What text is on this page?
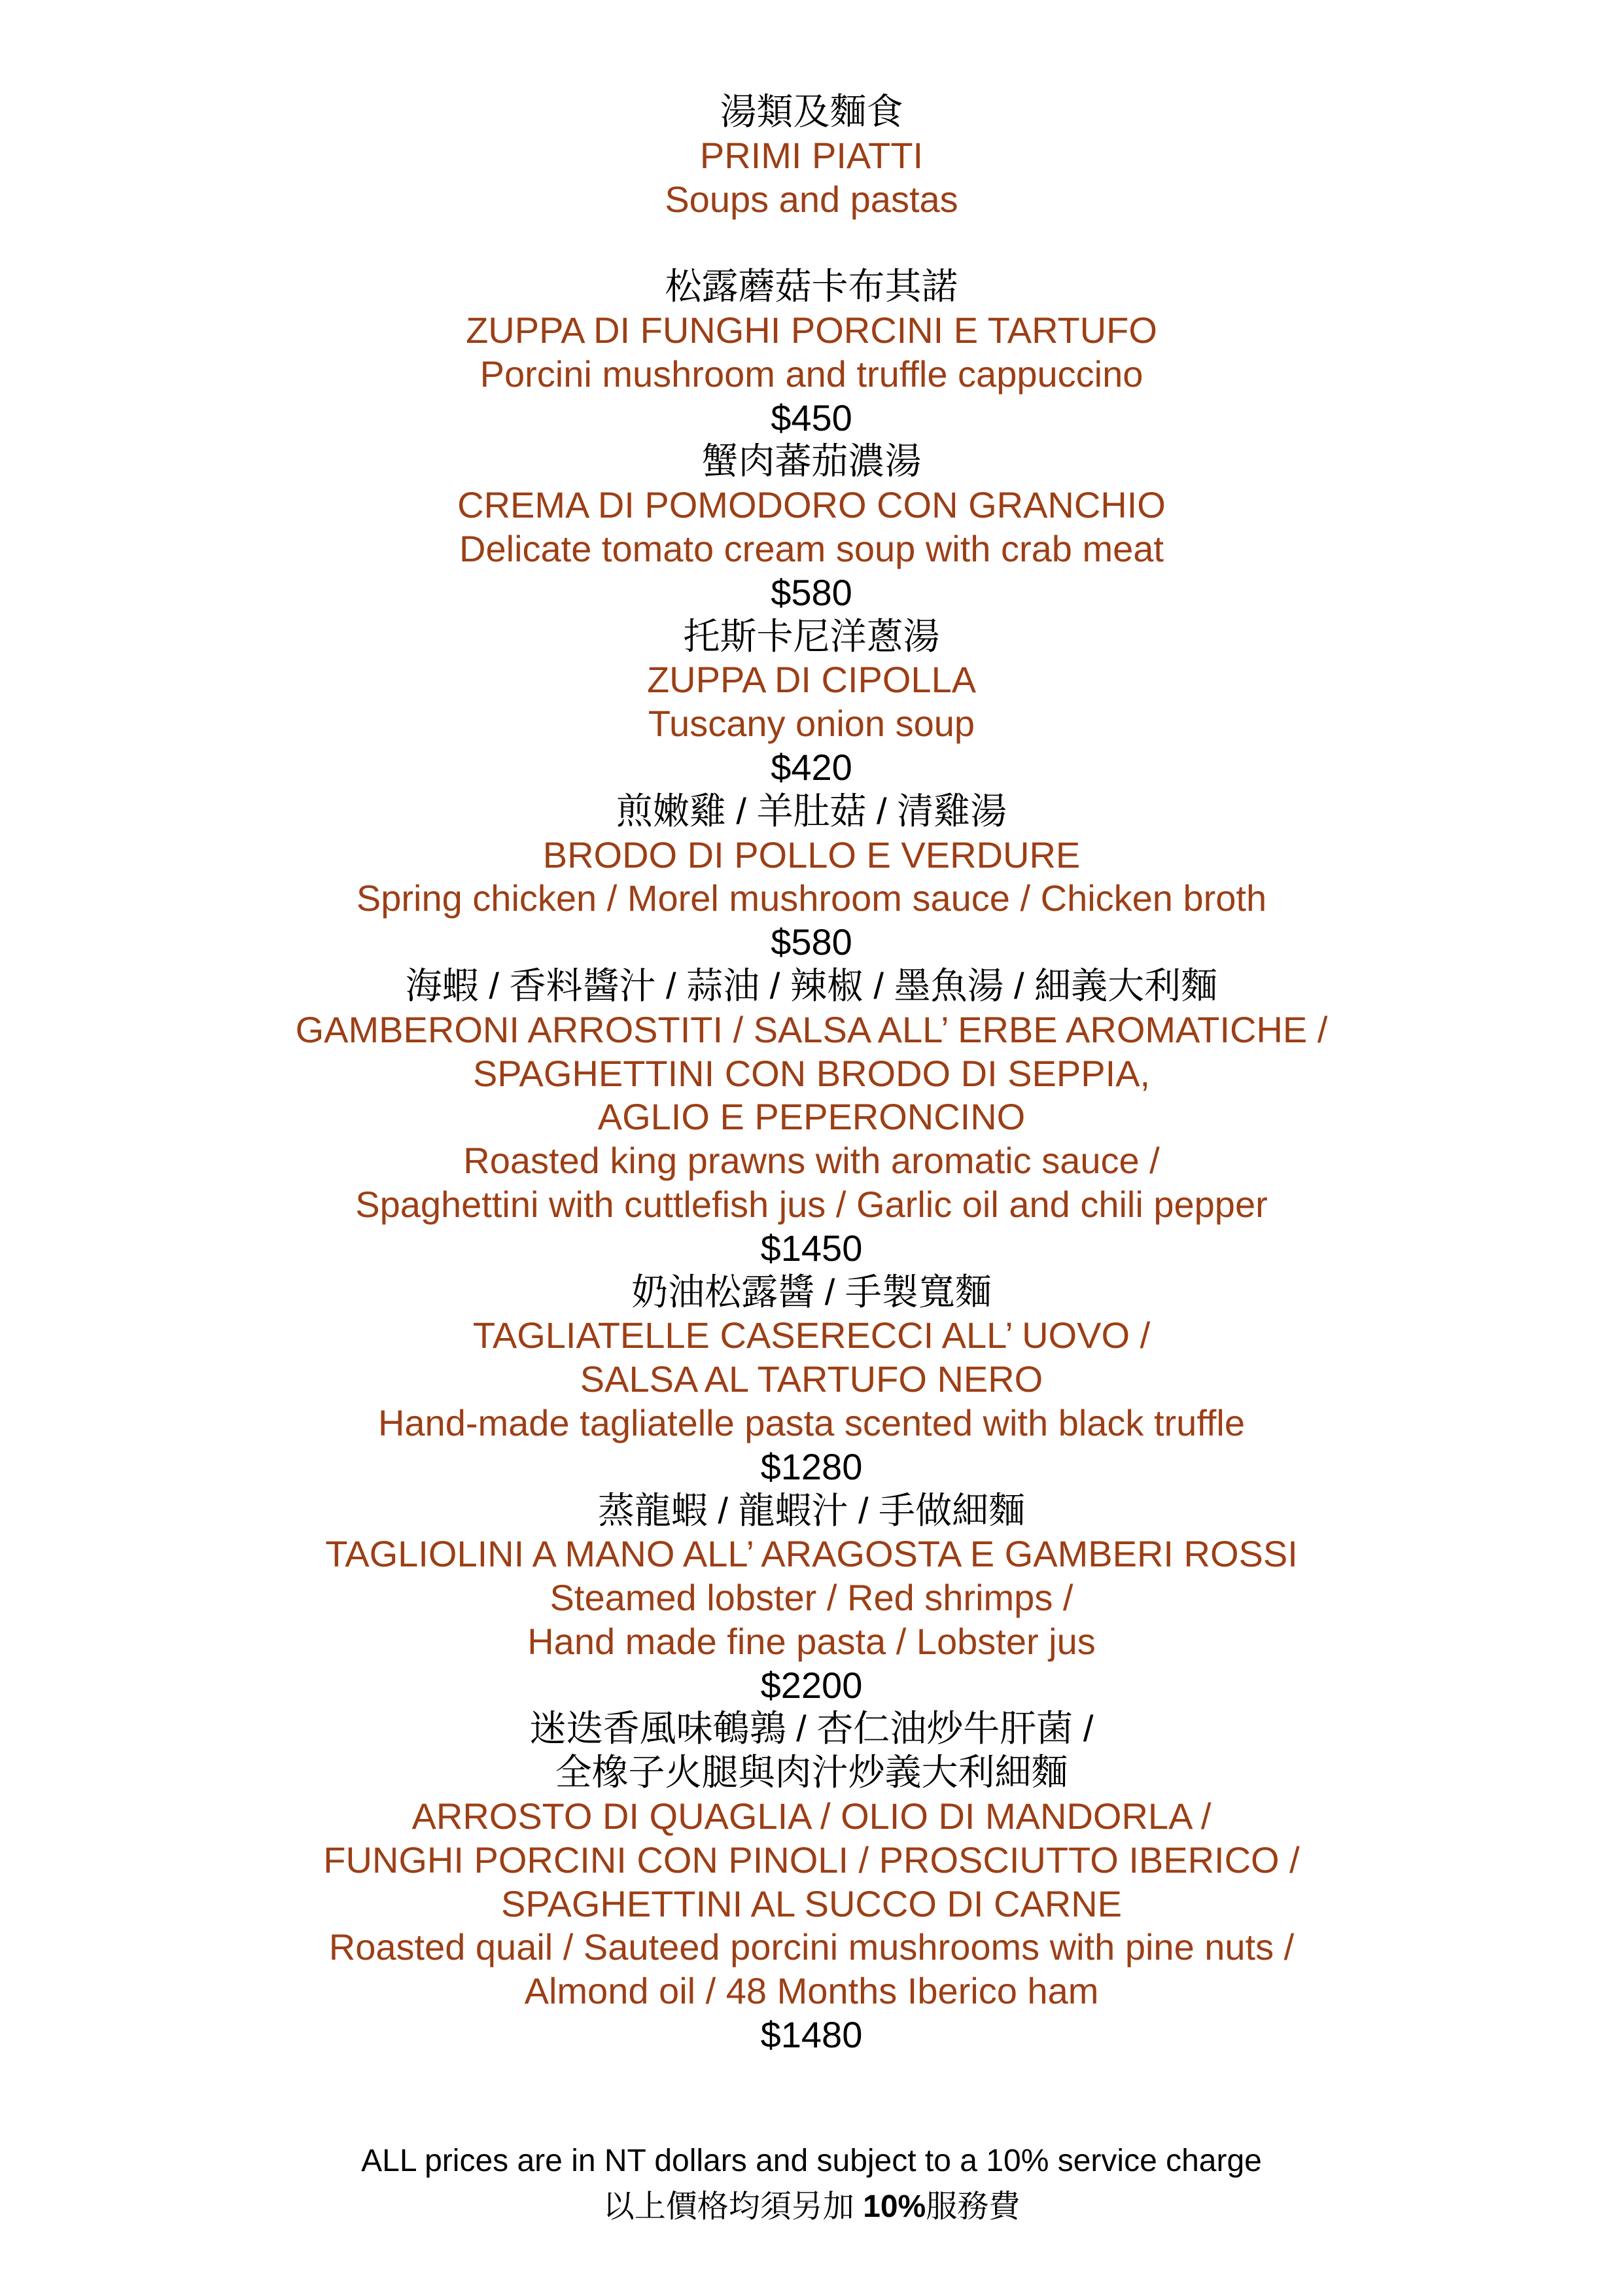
湯類及麵食
PRIMI PIATTI
Soups and pastas
松露蘑菇卡布其諾
ZUPPA DI FUNGHI PORCINI E TARTUFO
Porcini mushroom and truffle cappuccino
$450
蟹肉蕃茄濃湯
CREMA DI POMODORO CON GRANCHIO
Delicate tomato cream soup with crab meat
$580
托斯卡尼洋蔥湯
ZUPPA DI CIPOLLA
Tuscany onion soup
$420
煎嫩雞 / 羊肚菇 / 清雞湯
BRODO DI POLLO E VERDURE
Spring chicken / Morel mushroom sauce / Chicken broth
$580
海蝦 / 香料醬汁 / 蒜油 / 辣椒 / 墨魚湯 / 細義大利麵
GAMBERONI ARROSTITI / SALSA ALL’ ERBE AROMATICHE /
SPAGHETTINI CON BRODO DI SEPPIA,
AGLIO E PEPERONCINO
Roasted king prawns with aromatic sauce /
Spaghettini with cuttlefish jus / Garlic oil and chili pepper
$1450
奶油松露醬 / 手製寬麵
TAGLIATELLE CASERECCI ALL’ UOVO /
SALSA AL TARTUFO NERO
Hand-made tagliatelle pasta scented with black truffle
$1280
蒸龍蝦 / 龍蝦汁 / 手做細麵
TAGLIOLINI A MANO ALL’ ARAGOSTA E GAMBERI ROSSI
Steamed lobster / Red shrimps /
Hand made fine pasta / Lobster jus
$2200
迷迭香風味鵪鶉 / 杏仁油炒牛肝菌 /
全橡子火腿與肉汁炒義大利細麵
ARROSTO DI QUAGLIA / OLIO DI MANDORLA /
FUNGHI PORCINI CON PINOLI / PROSCIUTTO IBERICO /
SPAGHETTINI AL SUCCO DI CARNE
Roasted quail / Sauteed porcini mushrooms with pine nuts /
Almond oil / 48 Months Iberico ham
$1480
ALL prices are in NT dollars and subject to a 10% service charge
以上價格均須另加 10%服務費
